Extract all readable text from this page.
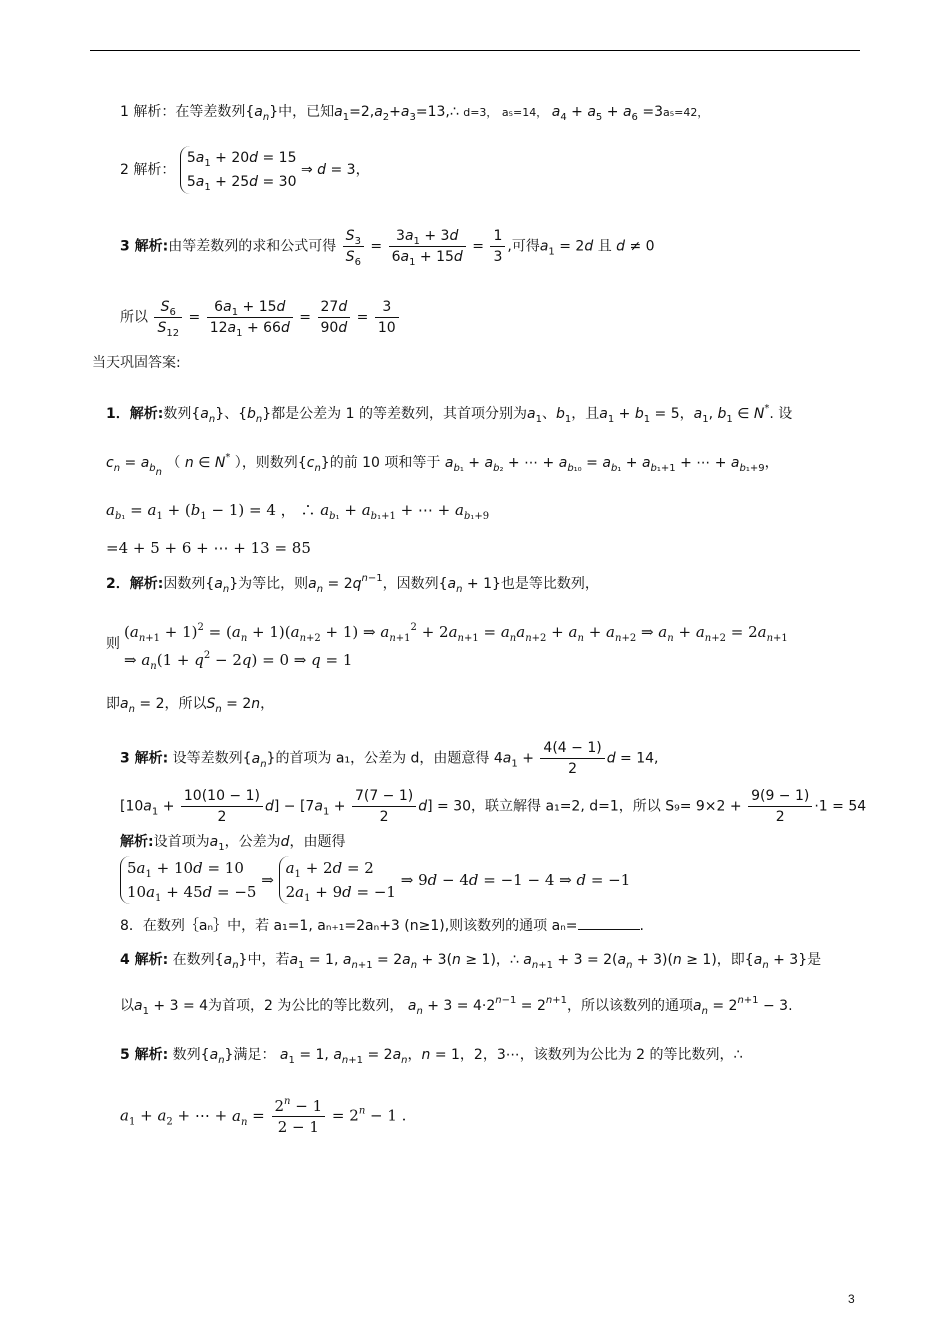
1 解析：在等差数列$\{a_n\}$中，已知$a_1=2,a_2+a_3=13,\therefore$ d=3， a₅=14， $a_4 + a_5 + a_6 =3a_5=42$，
2 解析：
$5a_1 + 20d = 15$
$5a_1 + 25d = 30$
⇒ d = 3，
3 解析:由等差数列的求和公式可得 $\frac{S_3}{S_6} = \frac{3a_1 + 3d}{6a_1 + 15d} = \frac{1}{3}$ ,可得$a_1 = 2d$ 且 d ≠ 0
所以 $\frac{S_6}{S_{12}} = \frac{6a_1 + 15d}{12a_1 + 66d} = \frac{27d}{90d} = \frac{3}{10}$
当天巩固答案:
1．解析:数列$\{a_n\}$、$\{b_n\}$都是公差为 1 的等差数列，其首项分别为$a_1$、$b_1$，且$a_1 + b_1 = 5$，$a_1$, $b_1$ ∈ N*. 设
$c_n = a_{b_n}$ （ n ∈ N* ），则数列$\{c_n\}$的前 10 项和等于 $a_{b_1} + a_{b_2}$ + ⋯ + $a_{b_{10}} = a_{b_1} + a_{b_1+1}$ + ⋯ + $a_{b_1+9}$，
$a_{b_1} = a_1 + (b_1 - 1) = 4$ ， ∴ $a_{b_1} + a_{b_1+1}$ + ⋯ + $a_{b_1+9}$
=4 + 5 + 6 + ⋯ + 13 = 85
2．解析:因数列$\{a_n\}$为等比，则$a_n = 2q^{n-1}$，因数列$\{a_n + 1\}$也是等比数列，
则
$(a_{n+1} + 1)^2 = (a_n + 1)(a_{n+2} + 1)$ ⇒ $a_{n+1}^2 + 2a_{n+1} = a_na_{n+2} + a_n + a_{n+2}$ ⇒ $a_n + a_{n+2} = 2a_{n+1}$
⇒ $a_n(1 + q^2 - 2q) = 0$ ⇒ q = 1
即$a_n = 2$，所以$S_n = 2n$，
3 解析: 设等差数列$\{a_n\}$的首项为 a₁，公差为 d，由题意得 $4a_1 + \frac{4(4 - 1)}{2}$ d = 14,
$[10a_1 + \frac{10(10 - 1)}{2} d] - [7a_1 + \frac{7(7 - 1)}{2} d] = 30$，联立解得 a₁=2, d=1，所以 $S_9= 9\times 2 + \frac{9(9 - 1)}{2} \cdot 1 = 54$
解析:设首项为$a_1$，公差为d，由题得
$5a_1 + 10d = 10$
$10a_1 + 45d = -5$
⇒
$a_1 + 2d = 2$
$2a_1 + 9d = -1$
⇒ 9d − 4d = −1 − 4 ⇒ d = −1
8．在数列｛aₙ｝中，若 a₁=1, aₙ₊₁=2aₙ+3 (n≥1),则该数列的通项 aₙ=	.
4 解析: 在数列$\{a_n\}$中，若$a_1 = 1$, $a_{n+1} = 2a_n + 3(n \ge 1)$，∴ $a_{n+1} + 3 = 2(a_n + 3)(n \ge 1)$，即$\{a_n + 3\}$是
以$a_1 + 3 = 4$为首项，2 为公比的等比数列， $a_n + 3 = 4\cdot 2^{n-1} = 2^{n+1}$，所以该数列的通项$a_n = 2^{n+1} - 3$.
5 解析: 数列$\{a_n\}$满足： $a_1 = 1$, $a_{n+1} = 2a_n$，n = 1，2，3⋯，该数列为公比为 2 的等比数列，∴
$a_1 + a_2$ + ⋯ + $a_n = \frac{2^n - 1}{2 - 1} = 2^n - 1$ .
3
